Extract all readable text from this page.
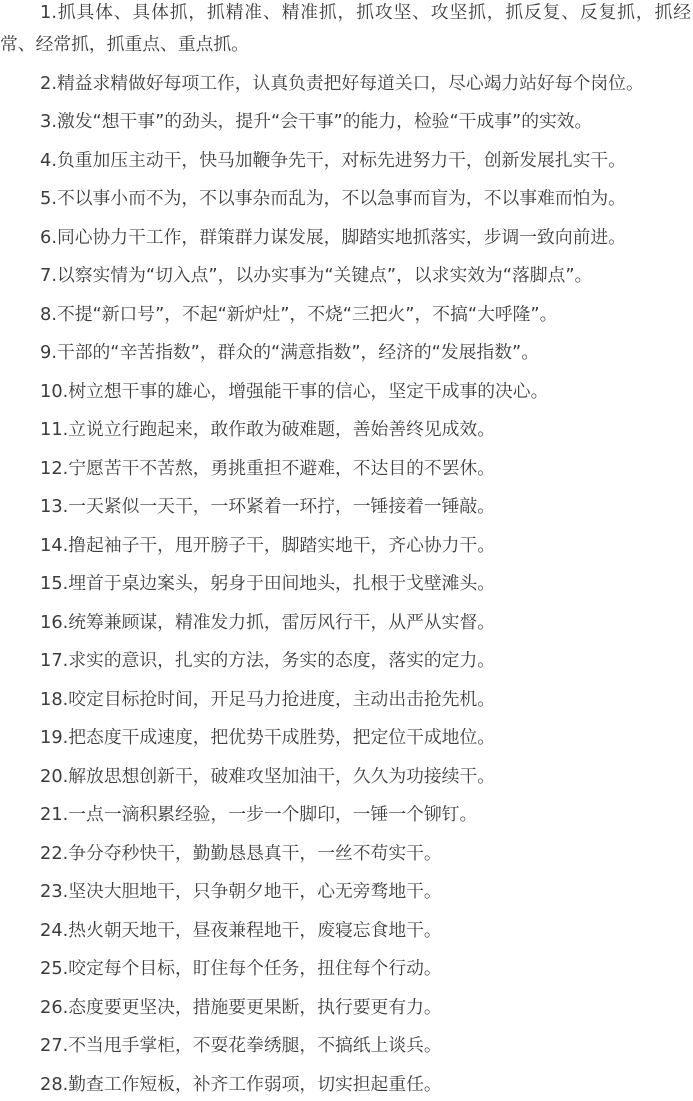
1.抓具体、具体抓，抓精准、精准抓，抓攻坚、攻坚抓，抓反复、反复抓，抓经常、经常抓，抓重点、重点抓。

2.精益求精做好每项工作，认真负责把好每道关口，尽心竭力站好每个岗位。

3.激发“想干事”的劲头，提升“会干事”的能力，检验“干成事”的实效。

4.负重加压主动干，快马加鞭争先干，对标先进努力干，创新发展扎实干。

5.不以事小而不为，不以事杂而乱为，不以急事而盲为，不以事难而怕为。

6.同心协力干工作，群策群力谋发展，脚踏实地抓落实，步调一致向前进。

7.以察实情为“切入点”，以办实事为“关键点”，以求实效为“落脚点”。

8.不提“新口号”，不起“新炉灶”，不烧“三把火”，不搞“大呼隆”。

9.干部的“辛苦指数”，群众的“满意指数”，经济的“发展指数”。

10.树立想干事的雄心，增强能干事的信心，坚定干成事的决心。

11.立说立行跑起来，敢作敢为破难题，善始善终见成效。

12.宁愿苦干不苦熬，勇挑重担不避难，不达目的不罢休。

13.一天紧似一天干，一环紧着一环拧，一锤接着一锤敲。

14.撸起袖子干，甩开膀子干，脚踏实地干，齐心协力干。

15.埋首于桌边案头，躬身于田间地头，扎根于戈壁滩头。

16.统筹兼顾谋，精准发力抓，雷厉风行干，从严从实督。

17.求实的意识，扎实的方法，务实的态度，落实的定力。

18.咬定目标抢时间，开足马力抢进度，主动出击抢先机。

19.把态度干成速度，把优势干成胜势，把定位干成地位。

20.解放思想创新干，破难攻坚加油干，久久为功接续干。

21.一点一滴积累经验，一步一个脚印，一锤一个铆钉。

22.争分夺秒快干，勤勤恳恳真干，一丝不苟实干。

23.坚决大胆地干，只争朝夕地干，心无旁骛地干。

24.热火朝天地干，昼夜兼程地干，废寝忘食地干。

25.咬定每个目标，盯住每个任务，扭住每个行动。

26.态度要更坚决，措施要更果断，执行要更有力。

27.不当甩手掌柜，不耍花拳绣腿，不搞纸上谈兵。

28.勤查工作短板，补齐工作弱项，切实担起重任。
